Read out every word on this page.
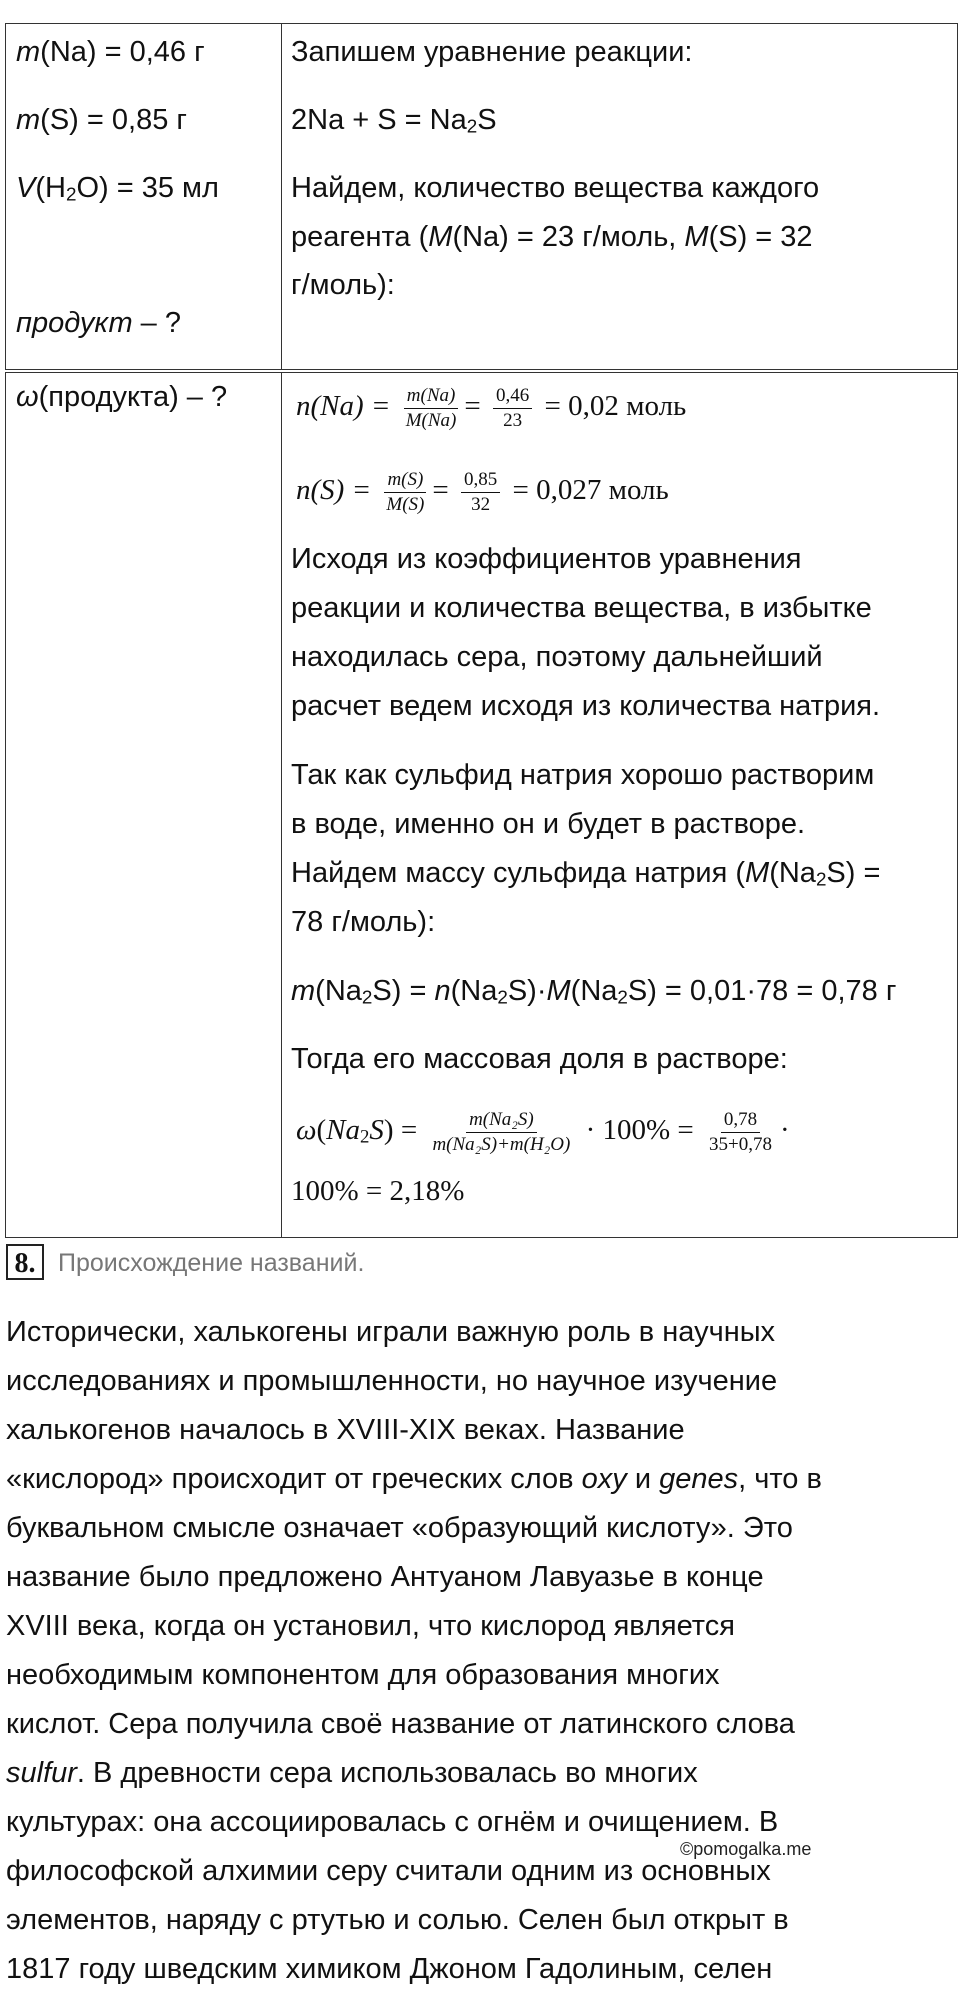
m(Na) = 0,46 г
m(S) = 0,85 г
$V(H_2O) = 35$ мл
продукт – ?
Запишем уравнение реакции:
$2Na + S = Na_2S$
Найдем, количество вещества каждого
реагента (M(Na) = 23 г/моль, M(S) = 32
г/моль):
ω(продукта) – ? $n(Na) = \frac{m(Na)}{M(Na)} = \frac{0,46}{23} = 0,02$ моль
$n(S) = \frac{m(S)}{M(S)} = \frac{0,85}{32} = 0,027$ моль
Исходя из коэффициентов уравнения
реакции и количества вещества, в избытке
находилась сера, поэтому дальнейший
расчет ведем исходя из количества натрия.
Так как сульфид натрия хорошо растворим
в воде, именно он и будет в растворе.
Найдем массу сульфида натрия ($M(Na_2S)$ =
78 г/моль):
$m(Na_2S) = n(Na_2S)\cdot M(Na_2S) = 0,01\cdot 78 = 0,78$ г
Тогда его массовая доля в растворе:
$\omega(Na_2S) = \frac{\text{m(Na₂S)}}{\text{m(Na₂S)+m(H₂O)}} \cdot 100\% = \frac{0,78}{35+0,78}$ ·
100% = 2,18%
8. Происхождение названий.
Исторически, халькогены играли важную роль в научных
исследованиях и промышленности, но научное изучение
халькогенов началось в XVIII-XIX веках. Название
«кислород» происходит от греческих слов oxy и genes, что в
буквальном смысле означает «образующий кислоту». Это
название было предложено Антуаном Лавуазье в конце
XVIII века, когда он установил, что кислород является
необходимым компонентом для образования многих
кислот. Сера получила своё название от латинского слова
sulfur. В древности сера использовалась во многих
культурах: она ассоциировалась с огнём и очищением. В
философской алхимии серу считали одним из основных
элементов, наряду с ртутью и солью. Селен был открыт в
1817 году шведским химиком Джоном Гадолиным, селен
©pomogalka.me
